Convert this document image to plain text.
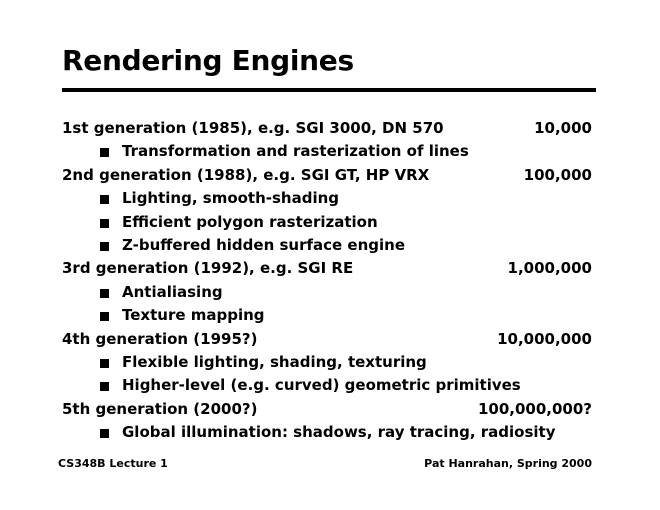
Rendering Engines
1st generation (1985), e.g. SGI 3000, DN 570	10,000
Transformation and rasterization of lines
2nd generation (1988), e.g. SGI GT, HP VRX	100,000
Lighting, smooth-shading
Efficient polygon rasterization
Z-buffered hidden surface engine
3rd generation (1992), e.g. SGI RE	1,000,000
Antialiasing
Texture mapping
4th generation (1995?)	10,000,000
Flexible lighting, shading, texturing
Higher-level (e.g. curved) geometric primitives
5th generation (2000?)	100,000,000?
Global illumination: shadows, ray tracing, radiosity
CS348B Lecture 1	Pat Hanrahan, Spring 2000
